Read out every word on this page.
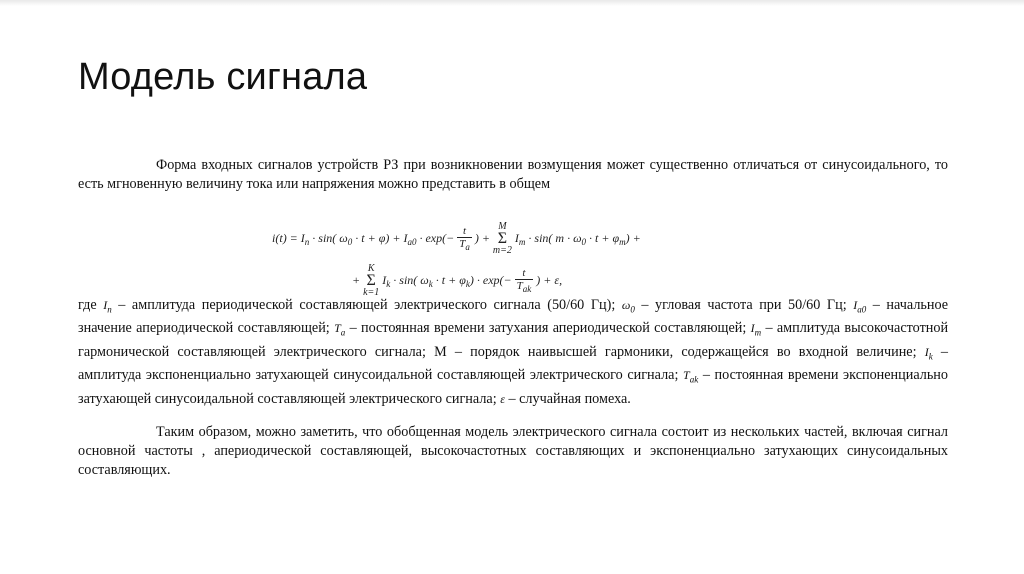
Модель сигнала
Форма входных сигналов устройств РЗ при возникновении возмущения может существенно отличаться от синусоидального, то есть мгновенную величину тока или напряжения можно представить в общем
$i(t) = I_п \cdot \sin$( $\omega_0 \cdot t + \varphi) + I_{a0} \cdot \exp(- \frac{t}{T_a}$ ) + M
Σ
m=2 $I_m \cdot \sin$( $m \cdot \omega_0 \cdot t + \varphi_m$) +
+ K
Σ
k=1 $I_k \cdot \sin$( $\omega_k \cdot t + \varphi_k) \cdot \exp(- \frac{t}{T_{ak}}$ ) + ε,
где $I_п$ – амплитуда периодической составляющей электрического сигнала (50/60 Гц); $\omega_0$ – угловая частота при 50/60 Гц; $I_{a0}$ – начальное значение апериодической составляющей; $T_a$ – постоянная времени затухания апериодической составляющей; $I_m$ – амплитуда высокочастотной гармонической составляющей электрического сигнала; M – порядок наивысшей гармоники, содержащейся во входной величине; $I_k$ – амплитуда экспоненциально затухающей синусоидальной составляющей электрического сигнала; $T_{ak}$ – постоянная времени экспоненциально затухающей синусоидальной составляющей электрического сигнала; ε – случайная помеха.
Таким образом, можно заметить, что обобщенная модель электрического сигнала состоит из нескольких частей, включая сигнал основной частоты , апериодической составляющей, высокочастотных составляющих и экспоненциально затухающих синусоидальных составляющих.
